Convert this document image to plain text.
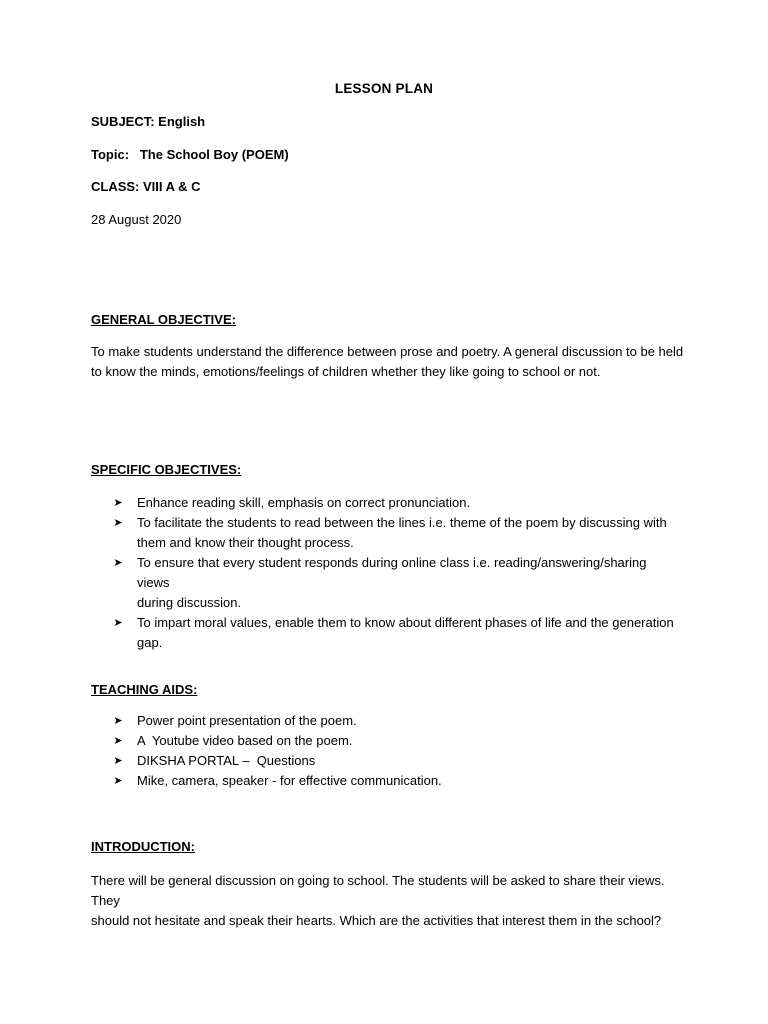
LESSON PLAN
SUBJECT: English
Topic:   The School Boy (POEM)
CLASS: VIII A & C
28 August 2020
GENERAL OBJECTIVE:
To make students understand the difference between prose and poetry. A general discussion to be held
to know the minds, emotions/feelings of children whether they like going to school or not.
SPECIFIC OBJECTIVES:
➤ Enhance reading skill, emphasis on correct pronunciation.
➤ To facilitate the students to read between the lines i.e. theme of the poem by discussing with
them and know their thought process.
➤ To ensure that every student responds during online class i.e. reading/answering/sharing views
during discussion.
➤ To impart moral values, enable them to know about different phases of life and the generation
gap.
TEACHING AIDS:
➤ Power point presentation of the poem.
➤ A  Youtube video based on the poem.
➤ DIKSHA PORTAL –  Questions
➤ Mike, camera, speaker - for effective communication.
INTRODUCTION:
There will be general discussion on going to school. The students will be asked to share their views. They
should not hesitate and speak their hearts. Which are the activities that interest them in the school?
